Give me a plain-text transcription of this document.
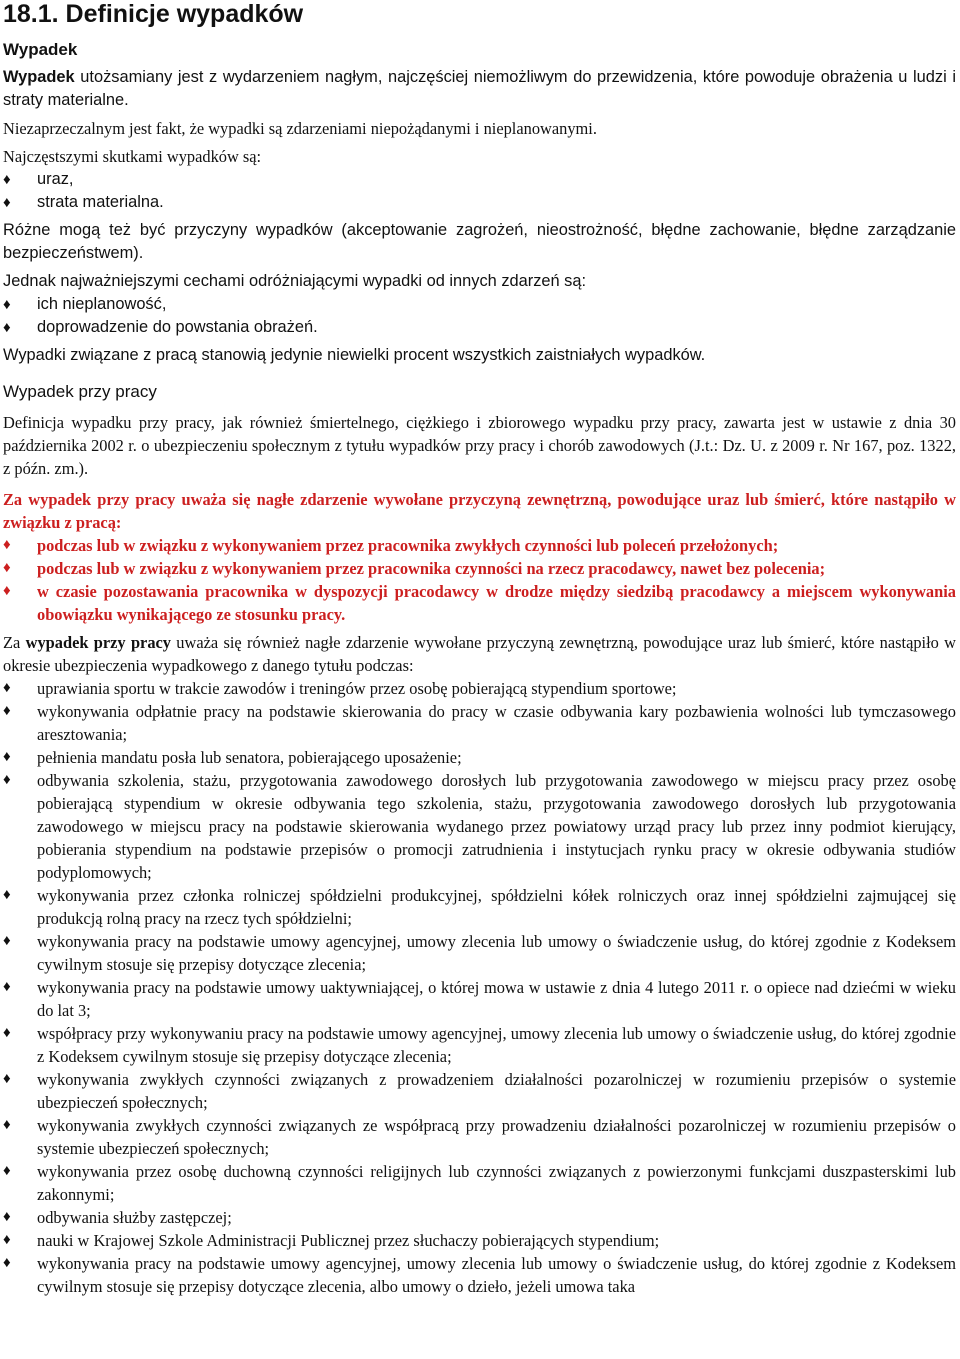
18.1. Definicje wypadków
Wypadek

Wypadek utożsamiany jest z wydarzeniem nagłym, najczęściej niemożliwym do przewidzenia, które powoduje obrażenia u ludzi i straty materialne.

Niezaprzeczalnym jest fakt, że wypadki są zdarzeniami niepożądanymi i nieplanowanymi.

Najczęstszymi skutkami wypadków są:

♦ uraz,
♦ strata materialna.

Różne mogą też być przyczyny wypadków (akceptowanie zagrożeń, nieostrożność, błędne zachowanie, błędne zarządzanie bezpieczeństwem).

Jednak najważniejszymi cechami odróżniającymi wypadki od innych zdarzeń są:

♦ ich nieplanowość,
♦ doprowadzenie do powstania obrażeń.

Wypadki związane z pracą stanowią jedynie niewielki procent wszystkich zaistniałych wypadków.

Wypadek przy pracy

Definicja wypadku przy pracy, jak również śmiertelnego, ciężkiego i zbiorowego wypadku przy pracy, zawarta jest w ustawie z dnia 30 października 2002 r. o ubezpieczeniu społecznym z tytułu wypadków przy pracy i chorób zawodowych (J.t.: Dz. U. z 2009 r. Nr 167, poz. 1322, z późn. zm.).

Za wypadek przy pracy uważa się nagłe zdarzenie wywołane przyczyną zewnętrzną, powodujące uraz lub śmierć, które nastąpiło w związku z pracą:

♦ podczas lub w związku z wykonywaniem przez pracownika zwykłych czynności lub poleceń przełożonych;
♦ podczas lub w związku z wykonywaniem przez pracownika czynności na rzecz pracodawcy, nawet bez polecenia;
♦ w czasie pozostawania pracownika w dyspozycji pracodawcy w drodze między siedzibą pracodawcy a miejscem wykonywania obowiązku wynikającego ze stosunku pracy.

Za wypadek przy pracy uważa się również nagłe zdarzenie wywołane przyczyną zewnętrzną, powodujące uraz lub śmierć, które nastąpiło w okresie ubezpieczenia wypadkowego z danego tytułu podczas:

♦ uprawiania sportu w trakcie zawodów i treningów przez osobę pobierającą stypendium sportowe;
♦ wykonywania odpłatnie pracy na podstawie skierowania do pracy w czasie odbywania kary pozbawienia wolności lub tymczasowego aresztowania;
♦ pełnienia mandatu posła lub senatora, pobierającego uposażenie;
♦ odbywania szkolenia, stażu, przygotowania zawodowego dorosłych lub przygotowania zawodowego w miejscu pracy przez osobę pobierającą stypendium w okresie odbywania tego szkolenia, stażu, przygotowania zawodowego dorosłych lub przygotowania zawodowego w miejscu pracy na podstawie skierowania wydanego przez powiatowy urząd pracy lub przez inny podmiot kierujący, pobierania stypendium na podstawie przepisów o promocji zatrudnienia i instytucjach rynku pracy w okresie odbywania studiów podyplomowych;
♦ wykonywania przez członka rolniczej spółdzielni produkcyjnej, spółdzielni kółek rolniczych oraz innej spółdzielni zajmującej się produkcją rolną pracy na rzecz tych spółdzielni;
♦ wykonywania pracy na podstawie umowy agencyjnej, umowy zlecenia lub umowy o świadczenie usług, do której zgodnie z Kodeksem cywilnym stosuje się przepisy dotyczące zlecenia;
♦ wykonywania pracy na podstawie umowy uaktywniającej, o której mowa w ustawie z dnia 4 lutego 2011 r. o opiece nad dziećmi w wieku do lat 3;
♦ współpracy przy wykonywaniu pracy na podstawie umowy agencyjnej, umowy zlecenia lub umowy o świadczenie usług, do której zgodnie z Kodeksem cywilnym stosuje się przepisy dotyczące zlecenia;
♦ wykonywania zwykłych czynności związanych z prowadzeniem działalności pozarolniczej w rozumieniu przepisów o systemie ubezpieczeń społecznych;
♦ wykonywania zwykłych czynności związanych ze współpracą przy prowadzeniu działalności pozarolniczej w rozumieniu przepisów o systemie ubezpieczeń społecznych;
♦ wykonywania przez osobę duchowną czynności religijnych lub czynności związanych z powierzonymi funkcjami duszpasterskimi lub zakonnymi;
♦ odbywania służby zastępczej;
♦ nauki w Krajowej Szkole Administracji Publicznej przez słuchaczy pobierających stypendium;
♦ wykonywania pracy na podstawie umowy agencyjnej, umowy zlecenia lub umowy o świadczenie usług, do której zgodnie z Kodeksem cywilnym stosuje się przepisy dotyczące zlecenia, albo umowy o dzieło, jeżeli umowa taka
